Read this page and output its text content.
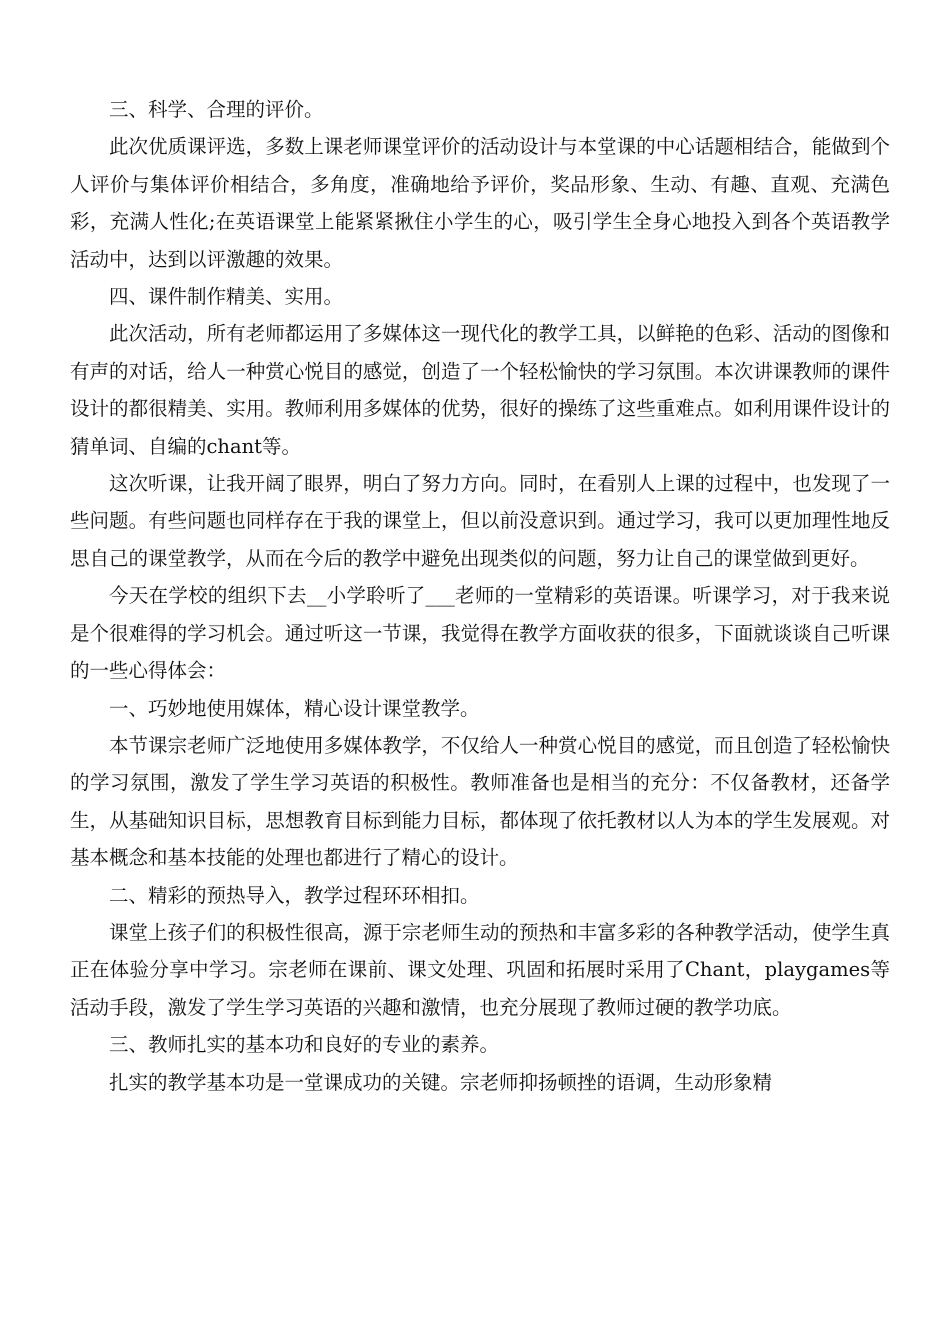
三、科学、合理的评价。

此次优质课评选，多数上课老师课堂评价的活动设计与本堂课的中心话题相结合，能做到个人评价与集体评价相结合，多角度，准确地给予评价，奖品形象、生动、有趣、直观、充满色彩，充满人性化;在英语课堂上能紧紧揪住小学生的心，吸引学生全身心地投入到各个英语教学活动中，达到以评激趣的效果。

四、课件制作精美、实用。

此次活动，所有老师都运用了多媒体这一现代化的教学工具，以鲜艳的色彩、活动的图像和有声的对话，给人一种赏心悦目的感觉，创造了一个轻松愉快的学习氛围。本次讲课教师的课件设计的都很精美、实用。教师利用多媒体的优势，很好的操练了这些重难点。如利用课件设计的猜单词、自编的chant等。

这次听课，让我开阔了眼界，明白了努力方向。同时，在看别人上课的过程中，也发现了一些问题。有些问题也同样存在于我的课堂上，但以前没意识到。通过学习，我可以更加理性地反思自己的课堂教学，从而在今后的教学中避免出现类似的问题，努力让自己的课堂做到更好。

今天在学校的组织下去__小学聆听了___老师的一堂精彩的英语课。听课学习，对于我来说是个很难得的学习机会。通过听这一节课，我觉得在教学方面收获的很多，下面就谈谈自己听课的一些心得体会：

一、巧妙地使用媒体，精心设计课堂教学。

本节课宗老师广泛地使用多媒体教学，不仅给人一种赏心悦目的感觉，而且创造了轻松愉快的学习氛围，激发了学生学习英语的积极性。教师准备也是相当的充分：不仅备教材，还备学生，从基础知识目标，思想教育目标到能力目标，都体现了依托教材以人为本的学生发展观。对基本概念和基本技能的处理也都进行了精心的设计。

二、精彩的预热导入，教学过程环环相扣。

课堂上孩子们的积极性很高，源于宗老师生动的预热和丰富多彩的各种教学活动，使学生真正在体验分享中学习。宗老师在课前、课文处理、巩固和拓展时采用了Chant，playgames等活动手段，激发了学生学习英语的兴趣和激情，也充分展现了教师过硬的教学功底。

三、教师扎实的基本功和良好的专业的素养。

扎实的教学基本功是一堂课成功的关键。宗老师抑扬顿挫的语调，生动形象精
